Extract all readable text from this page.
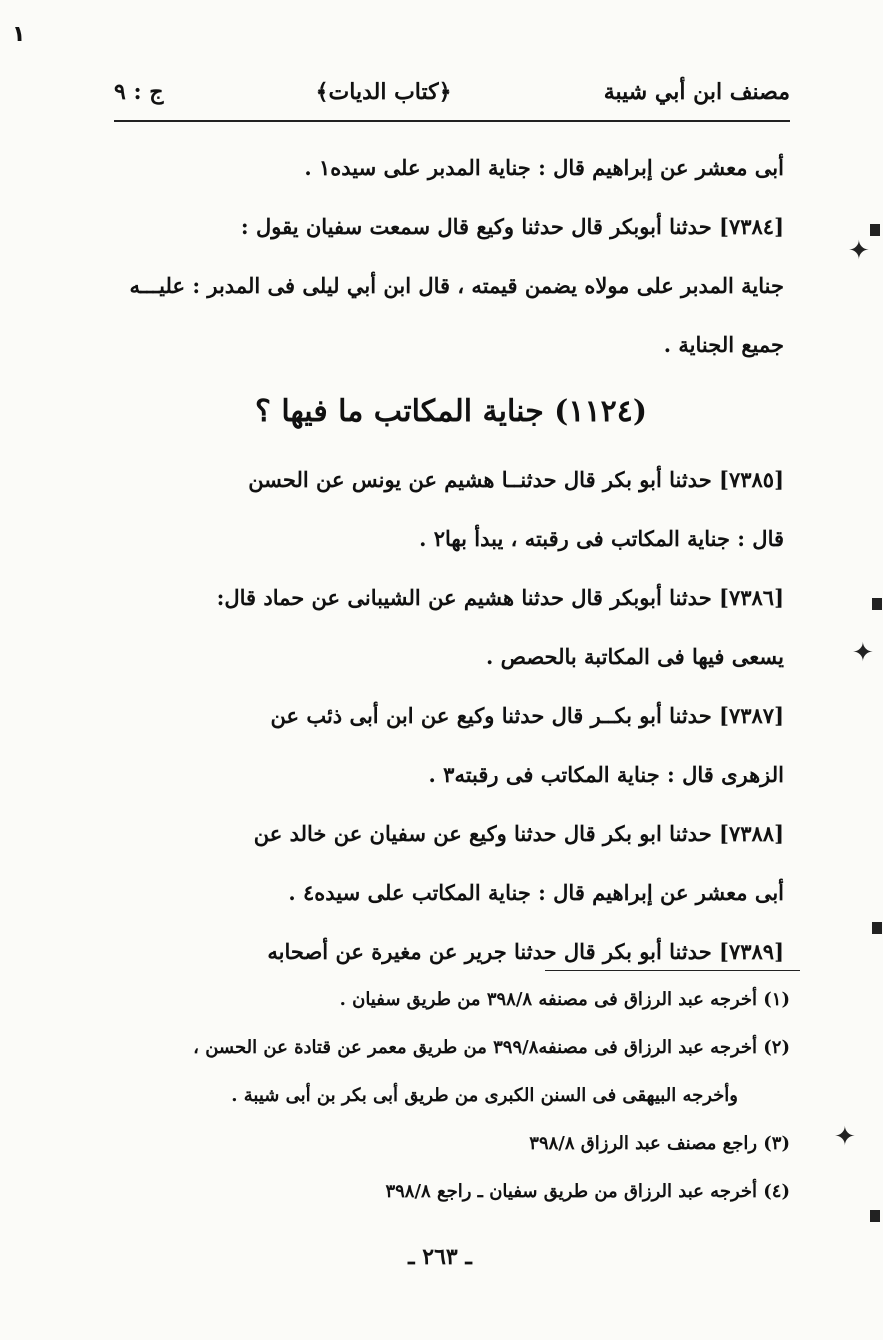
١
مصنف ابن أبي شيبة
﴿كتاب الديات﴾
ج : ٩
أبى معشر عن إبراهيم قال : جناية المدبر على سيده١ .
[٧٣٨٤] حدثنا أبوبكر قال حدثنا وكيع قال سمعت سفيان يقول :
جناية المدبر على مولاه يضمن قيمته ، قال ابن أبي ليلى فى المدبر : عليـــه
جميع الجناية .
(١١٢٤) جناية المكاتب ما فيها ؟
[٧٣٨٥] حدثنا أبو بكر قال حدثنــا هشيم عن يونس عن الحسن
قال : جناية المكاتب فى رقبته ، يبدأ بها٢ .
[٧٣٨٦] حدثنا أبوبكر قال حدثنا هشيم عن الشيبانى عن حماد قال:
يسعى فيها فى المكاتبة بالحصص .
[٧٣٨٧] حدثنا أبو بكــر قال حدثنا وكيع عن ابن أبى ذئب عن
الزهرى قال : جناية المكاتب فى رقبته٣ .
[٧٣٨٨] حدثنا ابو بكر قال حدثنا وكيع عن سفيان عن خالد عن
أبى معشر عن إبراهيم قال : جناية المكاتب على سيده٤ .
[٧٣٨٩] حدثنا أبو بكر قال حدثنا جرير عن مغيرة عن أصحابه
(١) أخرجه عبد الرزاق فى مصنفه ٣٩٨/٨ من طريق سفيان .
(٢) أخرجه عبد الرزاق فى مصنفه٣٩٩/٨ من طريق معمر عن قتادة عن الحسن ،
وأخرجه البيهقى فى السنن الكبرى من طريق أبى بكر بن أبى شيبة .
(٣) راجع مصنف عبد الرزاق ٣٩٨/٨
(٤) أخرجه عبد الرزاق من طريق سفيان ـ راجع ٣٩٨/٨
ـ ٢٦٣ ـ
✦
✦
✦
